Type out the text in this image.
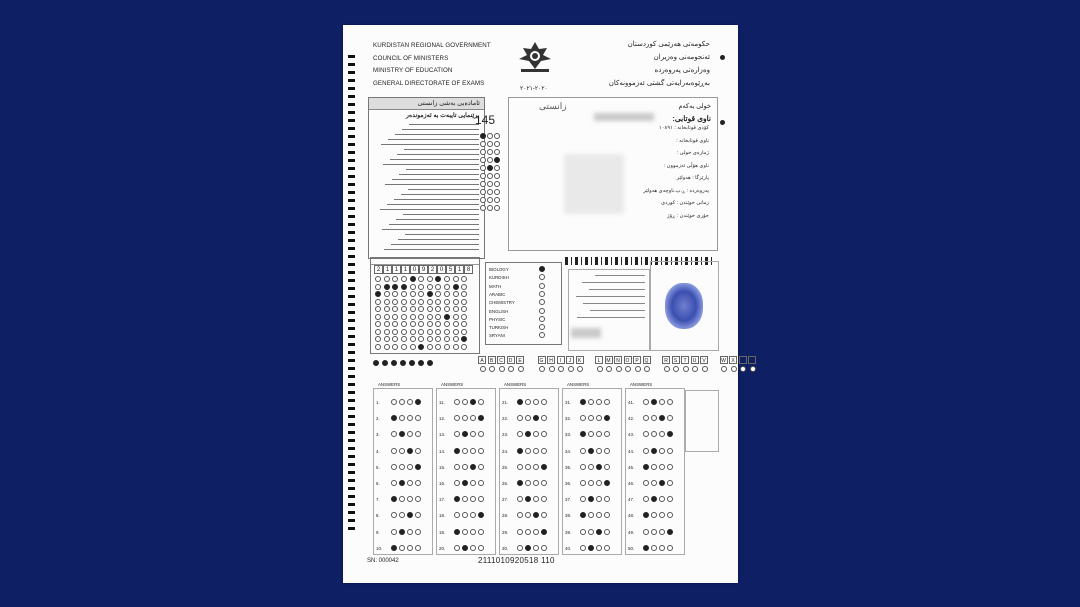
KURDISTAN REGIONAL GOVERNMENT
COUNCIL OF MINISTERS
MINISTRY OF EDUCATION
GENERAL DIRECTORATE OF EXAMS
٢٠٢٠-٢٠٢١
حکومەتی هەرێمی کوردستان
ئەنجومەنی وەزیران
وەزارەتی پەروەردە
بەڕێوەبەرایەتی گشتی ئەزموونەکان
ئامادەیی بەشی زانستی
ڕێنمایی تایبەت بە ئەزموندەر
145
خولی یەکەم
زانستی
ناوی قوتابی:
کۆدی قوتابخانە : ١٠٨٩١
ناوی قوتابخانە :
ژمارەی خولی :
ناوی هۆڵی ئەزموون :
پارێزگا : هەولێر
پەروەردە : ڕ.پ.ناوچەی هەولێر
زمانی خوێندن : کوردی
جۆری خوێندن : ڕۆژ
2 1 1 1 0 9 2 0 5 1 8	BIOLOGY
KURDISH
MATH
ARABIC
CHEMISTRY
ENGLISH
PHYSIC
TURKISH
SRYANI
A	B	C	D	E	G	H	I	J	K	L	M	N	O	P	Q	R	S	T	U	V	W	X	Y	Z
ANSWERS
1.
2.
3.
4.
5.
6.
7.
8.
9.
10.
ANSWERS
11.
12.
13.
14.
15.
16.
17.
18.
19.
20.
ANSWERS
21.
22.
23.
24.
25.
26.
27.
28.
29.
30.
ANSWERS
31.
32.
33.
34.
35.
36.
37.
38.
39.
40.
ANSWERS
41.
42.
43.
44.
45.
46.
47.
48.
49.
50.
SN: 000042	21110109205​18 110
